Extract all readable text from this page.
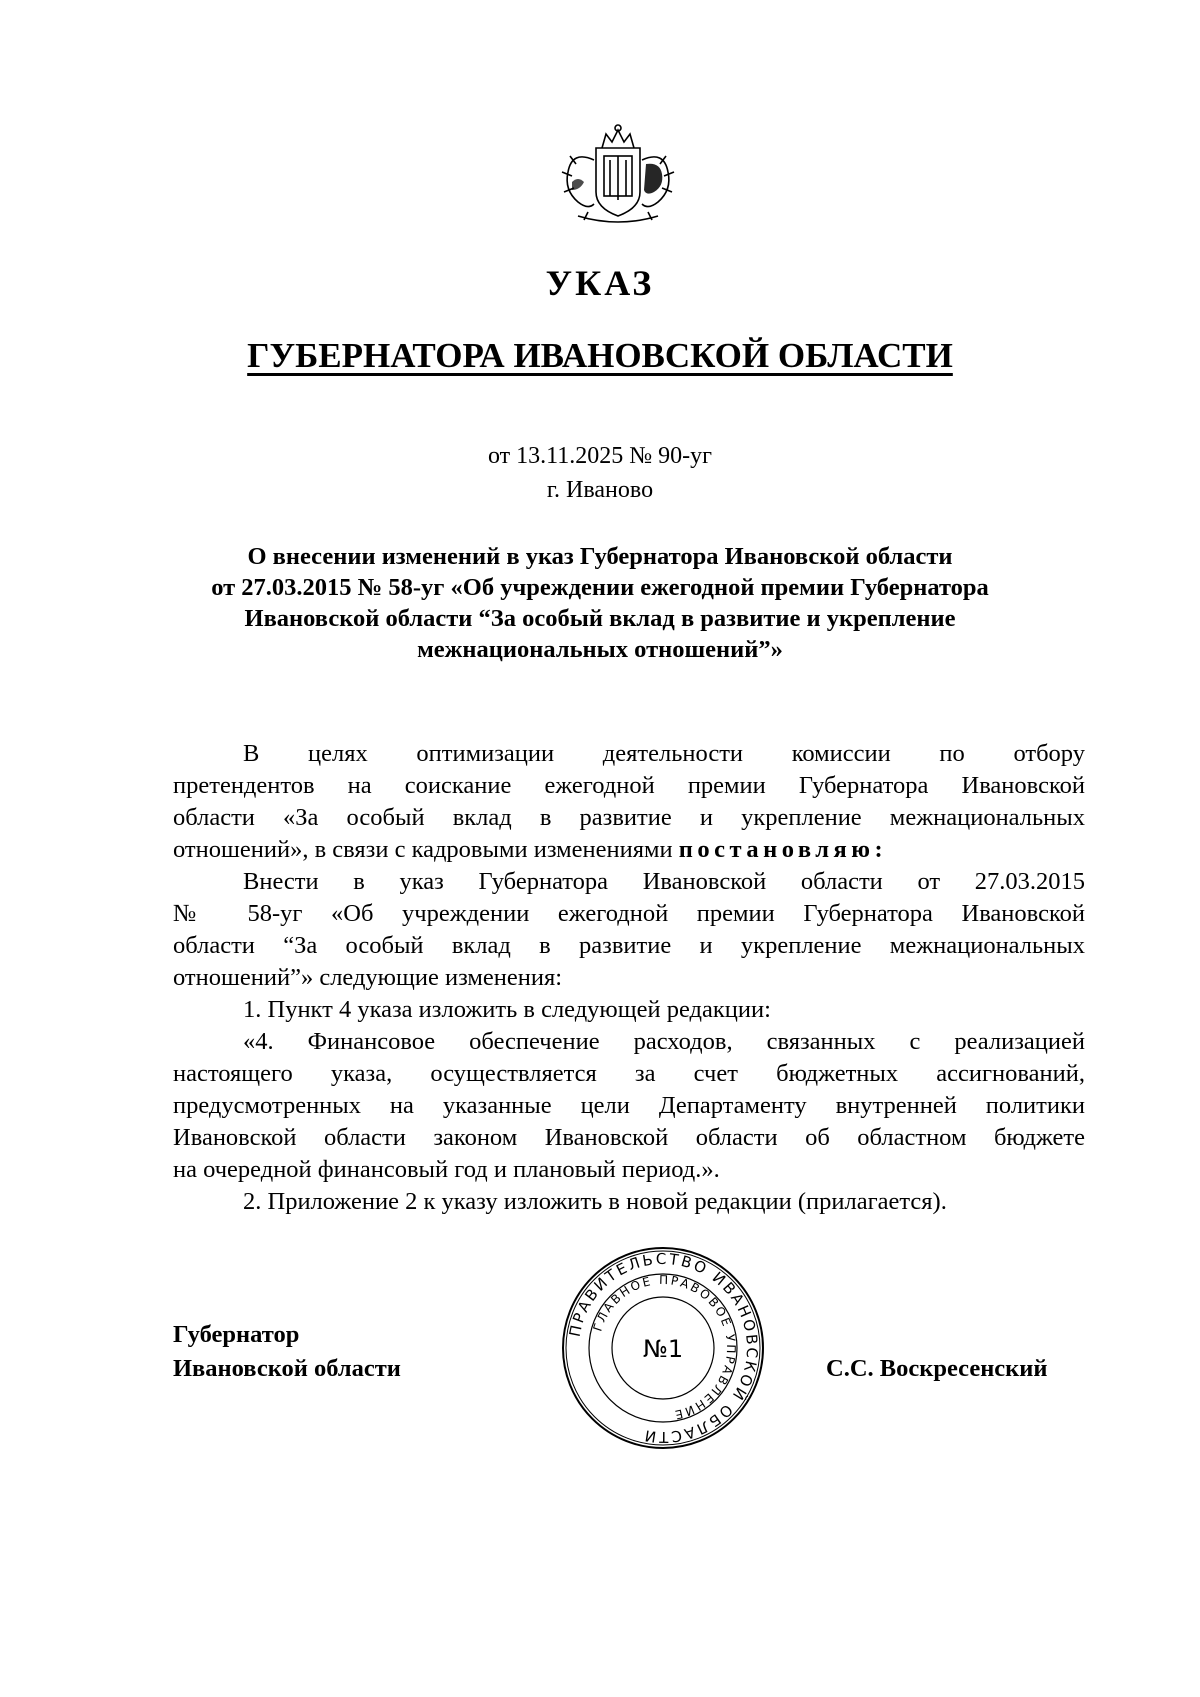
УКАЗ
ГУБЕРНАТОРА ИВАНОВСКОЙ ОБЛАСТИ
от 13.11.2025 № 90-уг
г. Иваново
О внесении изменений в указ Губернатора Ивановской области
от 27.03.2015 № 58-уг «Об учреждении ежегодной премии Губернатора
Ивановской области “За особый вклад в развитие и укрепление
межнациональных отношений”»
В целях оптимизации деятельности комиссии по отбору
претендентов на соискание ежегодной премии Губернатора Ивановской
области «За особый вклад в развитие и укрепление межнациональных
отношений», в связи с кадровыми изменениями постановляю:
Внести в указ Губернатора Ивановской области от 27.03.2015
№ 58-уг «Об учреждении ежегодной премии Губернатора Ивановской
области “За особый вклад в развитие и укрепление межнациональных
отношений”» следующие изменения:
1. Пункт 4 указа изложить в следующей редакции:
«4. Финансовое обеспечение расходов, связанных с реализацией
настоящего указа, осуществляется за счет бюджетных ассигнований,
предусмотренных на указанные цели Департаменту внутренней политики
Ивановской области законом Ивановской области об областном бюджете
на очередной финансовый год и плановый период.».
2. Приложение 2 к указу изложить в новой редакции (прилагается).
Губернатор
Ивановской области
ПРАВИТЕЛЬСТВО ИВАНОВСКОЙ ОБЛАСТИ
ГЛАВНОЕ ПРАВОВОЕ УПРАВЛЕНИЕ
№1
С.С. Воскресенский
